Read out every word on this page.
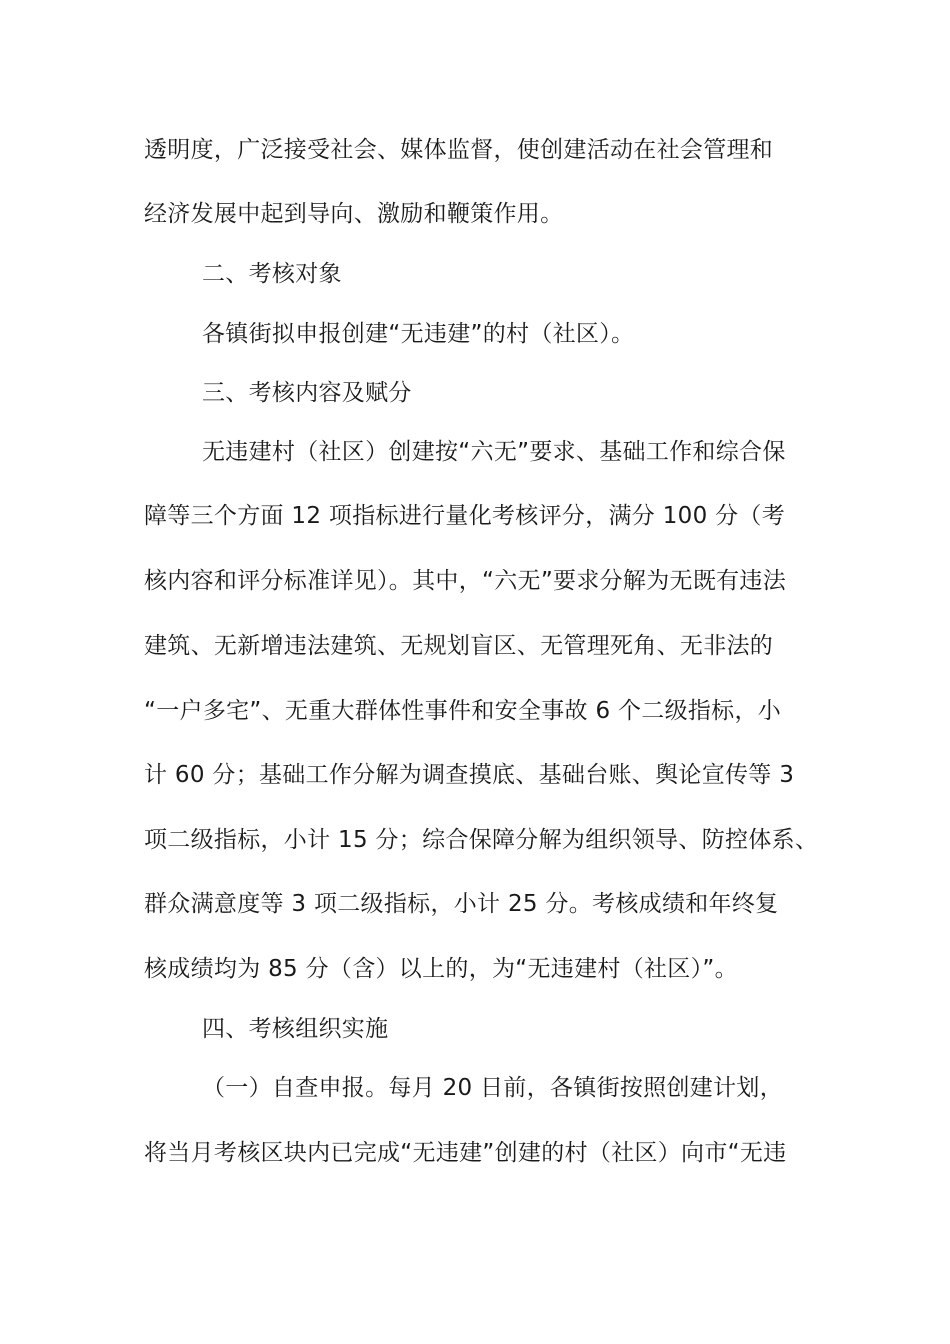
透明度，广泛接受社会、媒体监督，使创建活动在社会管理和
经济发展中起到导向、激励和鞭策作用。
二、考核对象
各镇街拟申报创建“无违建”的村（社区）。
三、考核内容及赋分
无违建村（社区）创建按“六无”要求、基础工作和综合保
障等三个方面 12 项指标进行量化考核评分，满分 100 分（考
核内容和评分标准详见）。其中，“六无”要求分解为无既有违法
建筑、无新增违法建筑、无规划盲区、无管理死角、无非法的
“一户多宅”、无重大群体性事件和安全事故 6 个二级指标，小
计 60 分；基础工作分解为调查摸底、基础台账、舆论宣传等 3
项二级指标，小计 15 分；综合保障分解为组织领导、防控体系、
群众满意度等 3 项二级指标，小计 25 分。考核成绩和年终复
核成绩均为 85 分（含）以上的，为“无违建村（社区）”。
四、考核组织实施
（一）自查申报。每月 20 日前，各镇街按照创建计划，
将当月考核区块内已完成“无违建”创建的村（社区）向市“无违
